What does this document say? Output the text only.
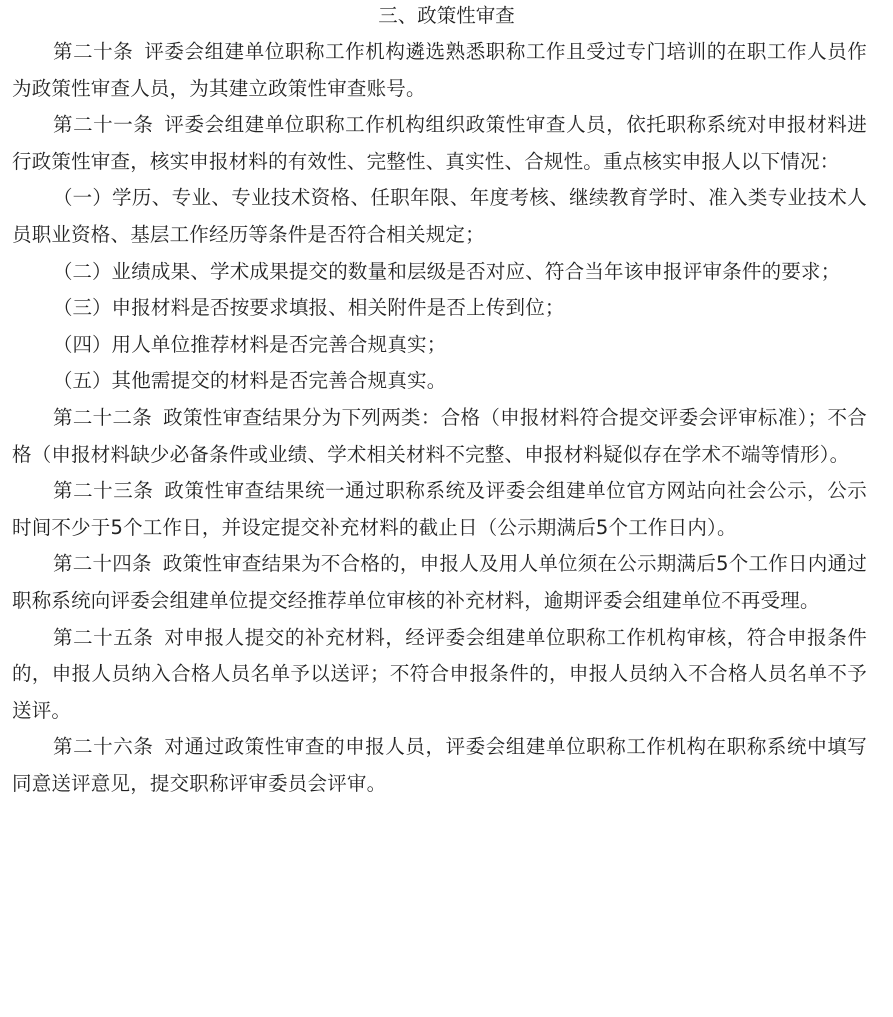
三、政策性审查

第二十条 评委会组建单位职称工作机构遴选熟悉职称工作且受过专门培训的在职工作人员作为政策性审查人员，为其建立政策性审查账号。

第二十一条 评委会组建单位职称工作机构组织政策性审查人员，依托职称系统对申报材料进行政策性审查，核实申报材料的有效性、完整性、真实性、合规性。重点核实申报人以下情况：

（一）学历、专业、专业技术资格、任职年限、年度考核、继续教育学时、准入类专业技术人员职业资格、基层工作经历等条件是否符合相关规定；

（二）业绩成果、学术成果提交的数量和层级是否对应、符合当年该申报评审条件的要求；

（三）申报材料是否按要求填报、相关附件是否上传到位；

（四）用人单位推荐材料是否完善合规真实；

（五）其他需提交的材料是否完善合规真实。

第二十二条 政策性审查结果分为下列两类：合格（申报材料符合提交评委会评审标准）；不合格（申报材料缺少必备条件或业绩、学术相关材料不完整、申报材料疑似存在学术不端等情形）。

第二十三条 政策性审查结果统一通过职称系统及评委会组建单位官方网站向社会公示，公示时间不少于5个工作日，并设定提交补充材料的截止日（公示期满后5个工作日内）。

第二十四条 政策性审查结果为不合格的，申报人及用人单位须在公示期满后5个工作日内通过职称系统向评委会组建单位提交经推荐单位审核的补充材料，逾期评委会组建单位不再受理。

第二十五条 对申报人提交的补充材料，经评委会组建单位职称工作机构审核，符合申报条件的，申报人员纳入合格人员名单予以送评；不符合申报条件的，申报人员纳入不合格人员名单不予送评。

第二十六条 对通过政策性审查的申报人员，评委会组建单位职称工作机构在职称系统中填写同意送评意见，提交职称评审委员会评审。
